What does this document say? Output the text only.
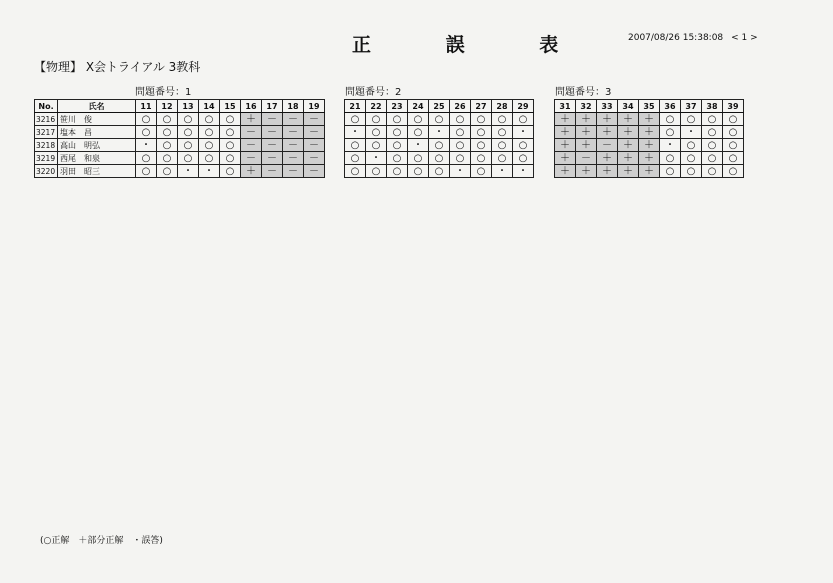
正 誤 表	2007/08/26 15:38:08 < 1 >
【物理】 X会トライアル 3教科
問題番号：1	問題番号：2	問題番号：3
No.	氏名	11	12	13	14	15	16	17	18	19
3216	笹川　俊	○	○	○	○	○	＋	－	－	－
3217	塩本　昌	○	○	○	○	○	－	－	－	－
3218	高山　明弘	・	○	○	○	○	－	－	－	－
3219	西尾　和泉	○	○	○	○	○	－	－	－	－
3220	羽田　昭三	○	○	・	・	○	＋	－	－	－
21	22	23	24	25	26	27	28	29
○	○	○	○	○	○	○	○	○
・	○	○	○	・	○	○	○	・
○	○	○	・	○	○	○	○	○
○	・	○	○	○	○	○	○	○
○	○	○	○	○	・	○	・	・
31	32	33	34	35	36	37	38	39
＋	＋	＋	＋	＋	○	○	○	○
＋	＋	＋	＋	＋	○	・	○	○
＋	＋	－	＋	＋	・	○	○	○
＋	－	＋	＋	＋	○	○	○	○
＋	＋	＋	＋	＋	○	○	○	○
(○正解　＋部分正解　・誤答)
